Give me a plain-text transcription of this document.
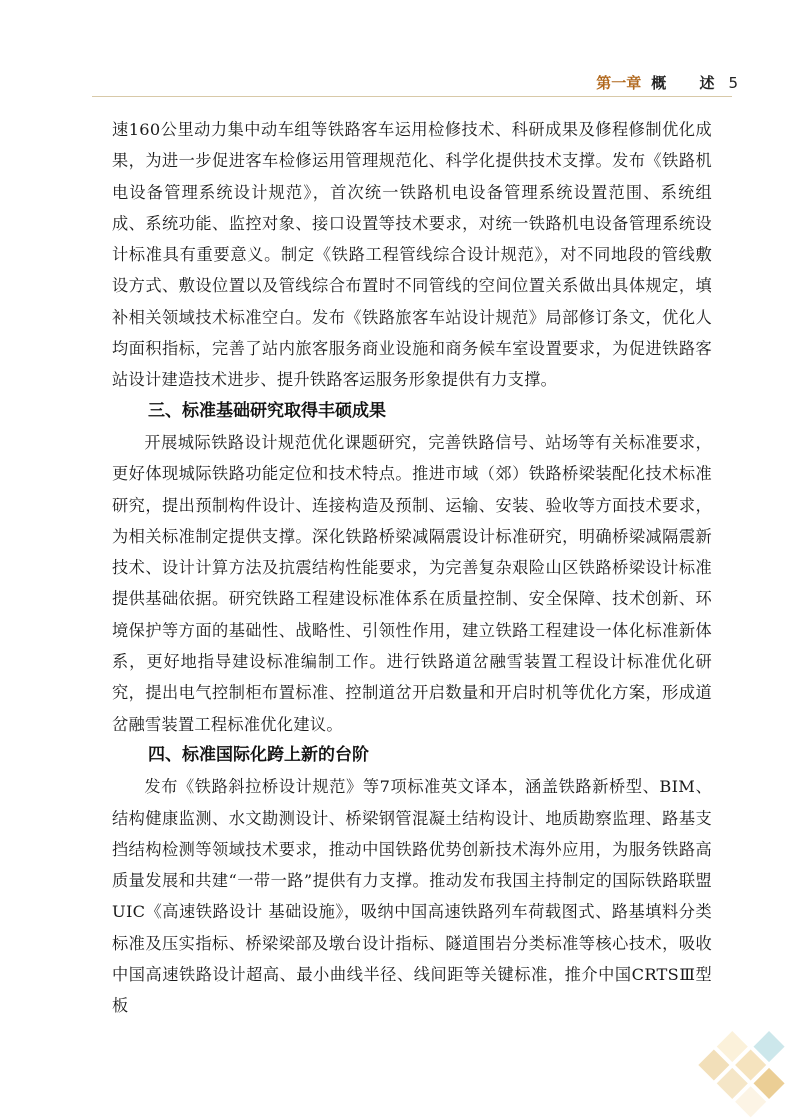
第一章 概 述 5

速160公里动力集中动车组等铁路客车运用检修技术、科研成果及修程修制优化成果，为进一步促进客车检修运用管理规范化、科学化提供技术支撑。发布《铁路机电设备管理系统设计规范》，首次统一铁路机电设备管理系统设置范围、系统组成、系统功能、监控对象、接口设置等技术要求，对统一铁路机电设备管理系统设计标准具有重要意义。制定《铁路工程管线综合设计规范》，对不同地段的管线敷设方式、敷设位置以及管线综合布置时不同管线的空间位置关系做出具体规定，填补相关领域技术标准空白。发布《铁路旅客车站设计规范》局部修订条文，优化人均面积指标，完善了站内旅客服务商业设施和商务候车室设置要求，为促进铁路客站设计建造技术进步、提升铁路客运服务形象提供有力支撑。

三、标准基础研究取得丰硕成果

开展城际铁路设计规范优化课题研究，完善铁路信号、站场等有关标准要求，更好体现城际铁路功能定位和技术特点。推进市域（郊）铁路桥梁装配化技术标准研究，提出预制构件设计、连接构造及预制、运输、安装、验收等方面技术要求，为相关标准制定提供支撑。深化铁路桥梁减隔震设计标准研究，明确桥梁减隔震新技术、设计计算方法及抗震结构性能要求，为完善复杂艰险山区铁路桥梁设计标准提供基础依据。研究铁路工程建设标准体系在质量控制、安全保障、技术创新、环境保护等方面的基础性、战略性、引领性作用，建立铁路工程建设一体化标准新体系，更好地指导建设标准编制工作。进行铁路道岔融雪装置工程设计标准优化研究，提出电气控制柜布置标准、控制道岔开启数量和开启时机等优化方案，形成道岔融雪装置工程标准优化建议。

四、标准国际化跨上新的台阶

发布《铁路斜拉桥设计规范》等7项标准英文译本，涵盖铁路新桥型、BIM、结构健康监测、水文勘测设计、桥梁钢管混凝土结构设计、地质勘察监理、路基支挡结构检测等领域技术要求，推动中国铁路优势创新技术海外应用，为服务铁路高质量发展和共建“一带一路”提供有力支撑。推动发布我国主持制定的国际铁路联盟UIC《高速铁路设计 基础设施》，吸纳中国高速铁路列车荷载图式、路基填料分类标准及压实指标、桥梁梁部及墩台设计指标、隧道围岩分类标准等核心技术，吸收中国高速铁路设计超高、最小曲线半径、线间距等关键标准，推介中国CRTSⅢ型板
